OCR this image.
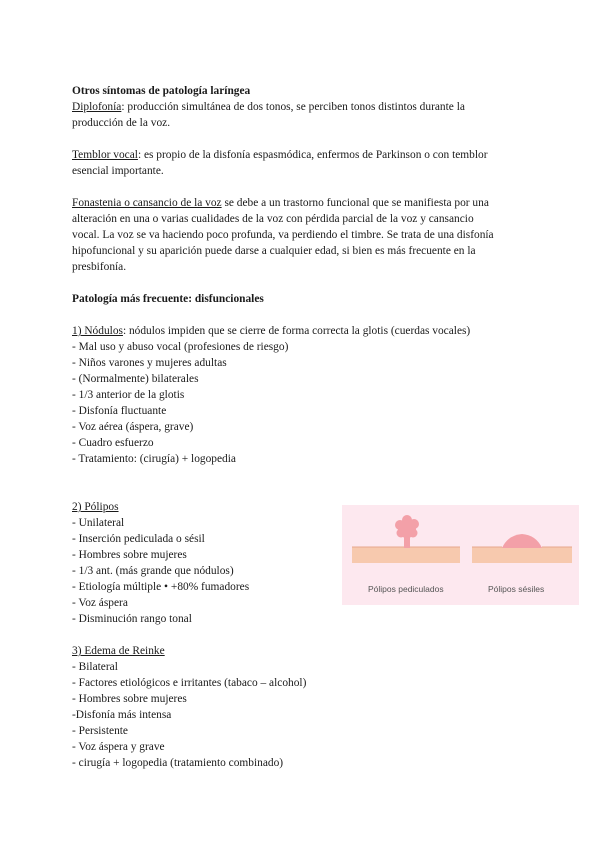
Otros síntomas de patología laríngea
Diplofonía: producción simultánea de dos tonos, se perciben tonos distintos durante la
producción de la voz.
Temblor vocal: es propio de la disfonía espasmódica, enfermos de Parkinson o con temblor
esencial importante.
Fonastenia o cansancio de la voz se debe a un trastorno funcional que se manifiesta por una
alteración en una o varias cualidades de la voz con pérdida parcial de la voz y cansancio
vocal. La voz se va haciendo poco profunda, va perdiendo el timbre. Se trata de una disfonía
hipofuncional y su aparición puede darse a cualquier edad, si bien es más frecuente en la
presbifonía.
Patología más frecuente: disfuncionales
1) Nódulos: nódulos impiden que se cierre de forma correcta la glotis (cuerdas vocales)
- Mal uso y abuso vocal (profesiones de riesgo)
- Niños varones y mujeres adultas
- (Normalmente) bilaterales
- 1/3 anterior de la glotis
- Disfonía fluctuante
- Voz aérea (áspera, grave)
- Cuadro esfuerzo
- Tratamiento: (cirugía) + logopedia
2) Pólipos
- Unilateral
- Inserción pediculada o sésil
- Hombres sobre mujeres
- 1/3 ant. (más grande que nódulos)
- Etiología múltiple • +80% fumadores
- Voz áspera
- Disminución rango tonal
3) Edema de Reinke
- Bilateral
- Factores etiológicos e irritantes (tabaco – alcohol)
- Hombres sobre mujeres
-Disfonía más intensa
- Persistente
- Voz áspera y grave
- cirugía + logopedia (tratamiento combinado)
Pólipos pediculados	Pólipos sésiles
